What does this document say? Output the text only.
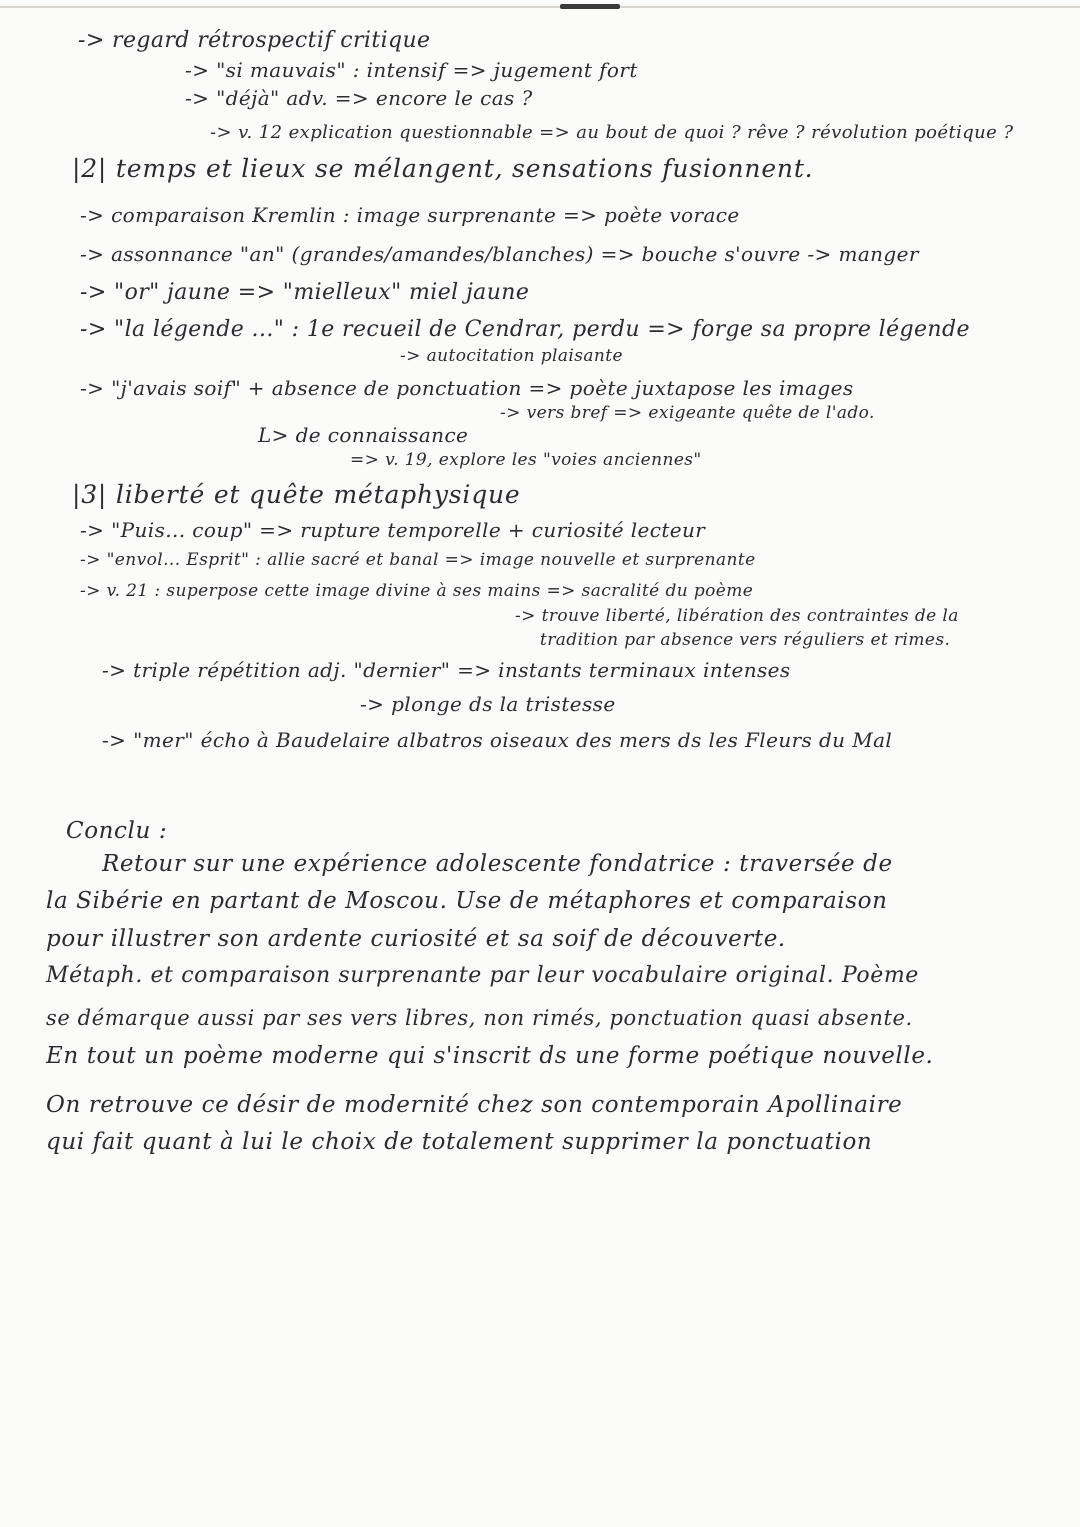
-> regard rétrospectif critique
-> "si mauvais" : intensif => jugement fort
-> "déjà" adv. => encore le cas ?
-> v. 12 explication questionnable => au bout de quoi ? rêve ? révolution poétique ?
|2| temps et lieux se mélangent, sensations fusionnent.
-> comparaison Kremlin : image surprenante => poète vorace
-> assonnance "an" (grandes/amandes/blanches) => bouche s'ouvre -> manger
-> "or" jaune => "mielleux" miel jaune
-> "la légende ..." : 1e recueil de Cendrar, perdu => forge sa propre légende
-> autocitation plaisante
-> "j'avais soif" + absence de ponctuation => poète juxtapose les images
-> vers bref => exigeante quête de l'ado.
L> de connaissance
=> v. 19, explore les "voies anciennes"
|3| liberté et quête métaphysique
-> "Puis... coup" => rupture temporelle + curiosité lecteur
-> "envol... Esprit" : allie sacré et banal => image nouvelle et surprenante
-> v. 21 : superpose cette image divine à ses mains => sacralité du poème
-> trouve liberté, libération des contraintes de la
tradition par absence vers réguliers et rimes.
-> triple répétition adj. "dernier" => instants terminaux intenses
-> plonge ds la tristesse
-> "mer" écho à Baudelaire albatros oiseaux des mers ds les Fleurs du Mal
Conclu :
Retour sur une expérience adolescente fondatrice : traversée de
la Sibérie en partant de Moscou. Use de métaphores et comparaison
pour illustrer son ardente curiosité et sa soif de découverte.
Métaph. et comparaison surprenante par leur vocabulaire original. Poème
se démarque aussi par ses vers libres, non rimés, ponctuation quasi absente.
En tout un poème moderne qui s'inscrit ds une forme poétique nouvelle.
On retrouve ce désir de modernité chez son contemporain Apollinaire
qui fait quant à lui le choix de totalement supprimer la ponctuation
